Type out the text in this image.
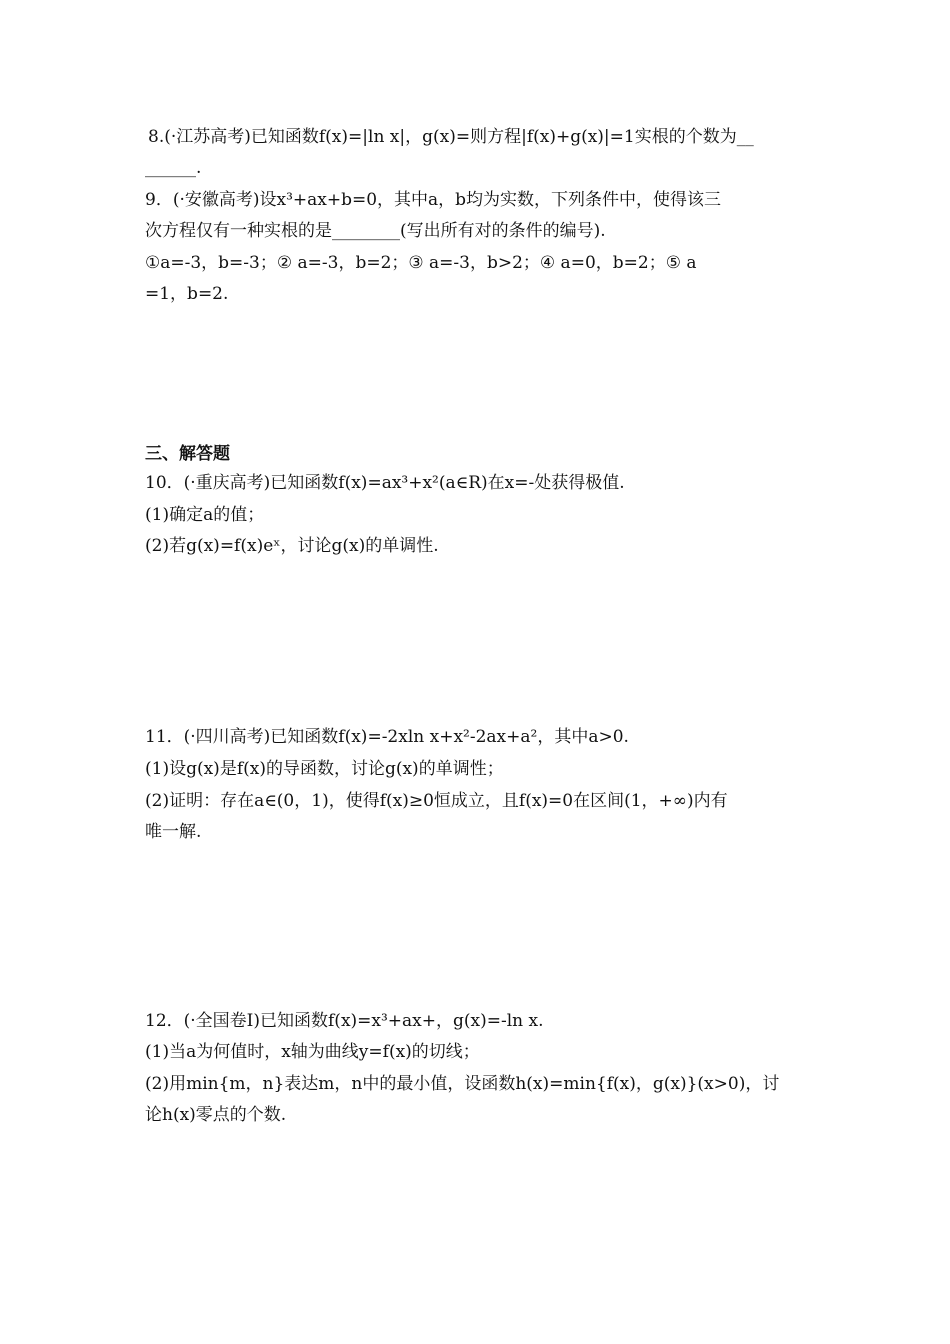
8.(·江苏高考)已知函数f(x)=|ln x|，g(x)=则方程|f(x)+g(x)|=1实根的个数为__
______.
9．(·安徽高考)设x³+ax+b=0，其中a，b均为实数，下列条件中，使得该三
次方程仅有一种实根的是________(写出所有对的条件的编号).
①a=-3，b=-3；② a=-3，b=2；③ a=-3，b>2；④ a=0，b=2；⑤ a
=1，b=2.
三、解答题
10．(·重庆高考)已知函数f(x)=ax³+x²(a∈R)在x=-处获得极值.
(1)确定a的值；
(2)若g(x)=f(x)eˣ，讨论g(x)的单调性.
11．(·四川高考)已知函数f(x)=-2xln x+x²-2ax+a²，其中a>0.
(1)设g(x)是f(x)的导函数，讨论g(x)的单调性；
(2)证明：存在a∈(0，1)，使得f(x)≥0恒成立，且f(x)=0在区间(1，+∞)内有
唯一解.
12．(·全国卷Ⅰ)已知函数f(x)=x³+ax+，g(x)=-ln x.
(1)当a为何值时，x轴为曲线y=f(x)的切线；
(2)用min{m，n}表达m，n中的最小值，设函数h(x)=min{f(x)，g(x)}(x>0)，讨
论h(x)零点的个数.
